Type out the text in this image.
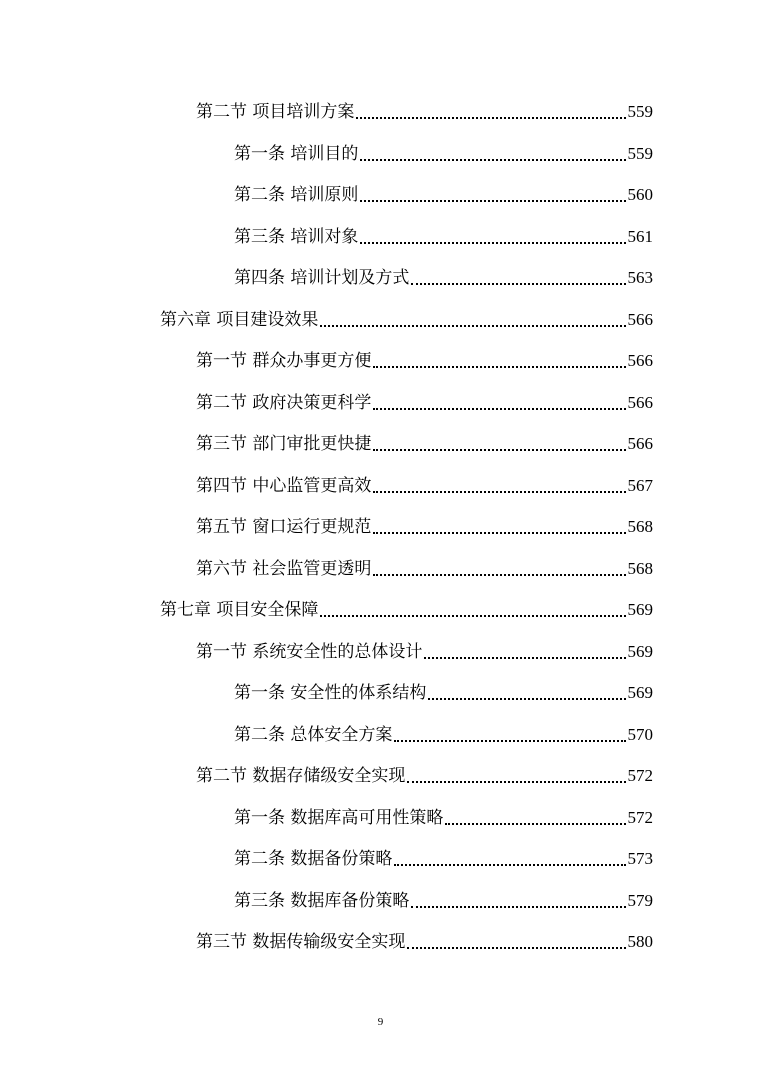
第二节 项目培训方案	559
第一条 培训目的	559
第二条 培训原则	560
第三条 培训对象	561
第四条 培训计划及方式	563
第六章 项目建设效果	566
第一节 群众办事更方便	566
第二节 政府决策更科学	566
第三节 部门审批更快捷	566
第四节 中心监管更高效	567
第五节 窗口运行更规范	568
第六节 社会监管更透明	568
第七章 项目安全保障	569
第一节 系统安全性的总体设计	569
第一条 安全性的体系结构	569
第二条 总体安全方案	570
第二节 数据存储级安全实现	572
第一条 数据库高可用性策略	572
第二条 数据备份策略	573
第三条 数据库备份策略	579
第三节 数据传输级安全实现	580
9
